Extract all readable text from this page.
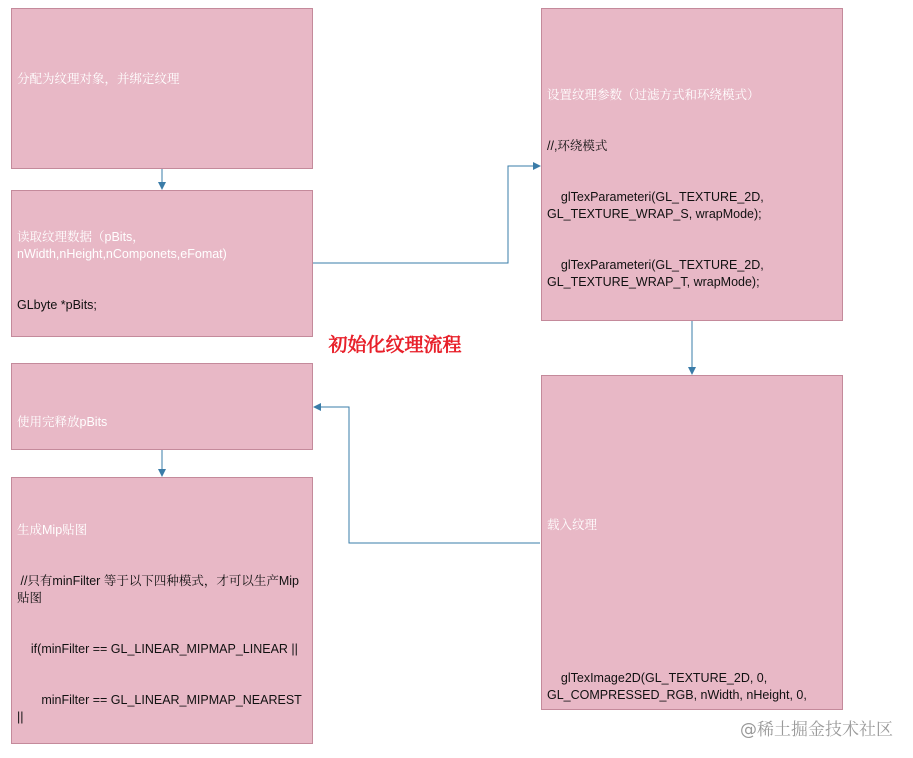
分配为纹理对象，并绑定纹理

读取纹理数据（pBits，nWidth,nHeight,nComponets,eFomat)

GLbyte *pBits;

使用完释放pBits

生成Mip贴图

//只有minFilter 等于以下四种模式，才可以生产Mip贴图

if(minFilter == GL_LINEAR_MIPMAP_LINEAR ||

minFilter == GL_LINEAR_MIPMAP_NEAREST ||

设置纹理参数（过滤方式和环绕模式）

//,环绕模式

glTexParameteri(GL_TEXTURE_2D, GL_TEXTURE_WRAP_S, wrapMode);

glTexParameteri(GL_TEXTURE_2D, GL_TEXTURE_WRAP_T, wrapMode);

载入纹理

glTexImage2D(GL_TEXTURE_2D, 0, GL_COMPRESSED_RGB, nWidth, nHeight, 0,

初始化纹理流程
@稀土掘金技术社区
